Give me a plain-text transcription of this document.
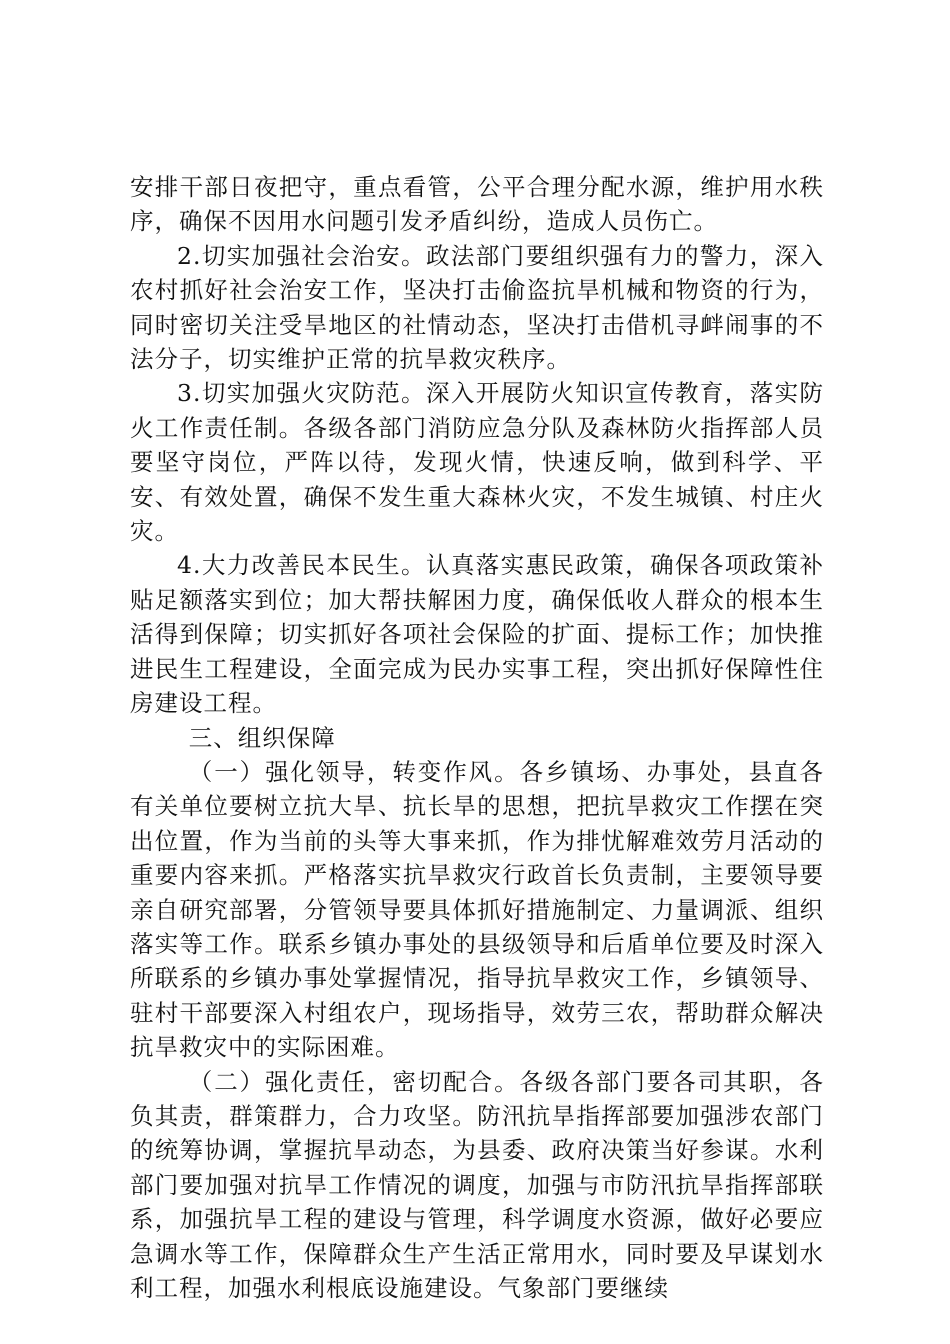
安排干部日夜把守，重点看管，公平合理分配水源，维护用水秩序，确保不因用水问题引发矛盾纠纷，造成人员伤亡。

2.切实加强社会治安。政法部门要组织强有力的警力，深入农村抓好社会治安工作，坚决打击偷盗抗旱机械和物资的行为，同时密切关注受旱地区的社情动态，坚决打击借机寻衅闹事的不法分子，切实维护正常的抗旱救灾秩序。

3.切实加强火灾防范。深入开展防火知识宣传教育，落实防火工作责任制。各级各部门消防应急分队及森林防火指挥部人员要坚守岗位，严阵以待，发现火情，快速反响，做到科学、平安、有效处置，确保不发生重大森林火灾，不发生城镇、村庄火灾。

4.大力改善民本民生。认真落实惠民政策，确保各项政策补贴足额落实到位；加大帮扶解困力度，确保低收人群众的根本生活得到保障；切实抓好各项社会保险的扩面、提标工作；加快推进民生工程建设，全面完成为民办实事工程，突出抓好保障性住房建设工程。

三、组织保障

（一）强化领导，转变作风。各乡镇场、办事处，县直各有关单位要树立抗大旱、抗长旱的思想，把抗旱救灾工作摆在突出位置，作为当前的头等大事来抓，作为排忧解难效劳月活动的重要内容来抓。严格落实抗旱救灾行政首长负责制，主要领导要亲自研究部署，分管领导要具体抓好措施制定、力量调派、组织落实等工作。联系乡镇办事处的县级领导和后盾单位要及时深入所联系的乡镇办事处掌握情况，指导抗旱救灾工作，乡镇领导、驻村干部要深入村组农户，现场指导，效劳三农，帮助群众解决抗旱救灾中的实际困难。

（二）强化责任，密切配合。各级各部门要各司其职，各负其责，群策群力，合力攻坚。防汛抗旱指挥部要加强涉农部门的统筹协调，掌握抗旱动态，为县委、政府决策当好参谋。水利部门要加强对抗旱工作情况的调度，加强与市防汛抗旱指挥部联系，加强抗旱工程的建设与管理，科学调度水资源，做好必要应急调水等工作，保障群众生产生活正常用水，同时要及早谋划水利工程，加强水利根底设施建设。气象部门要继续
